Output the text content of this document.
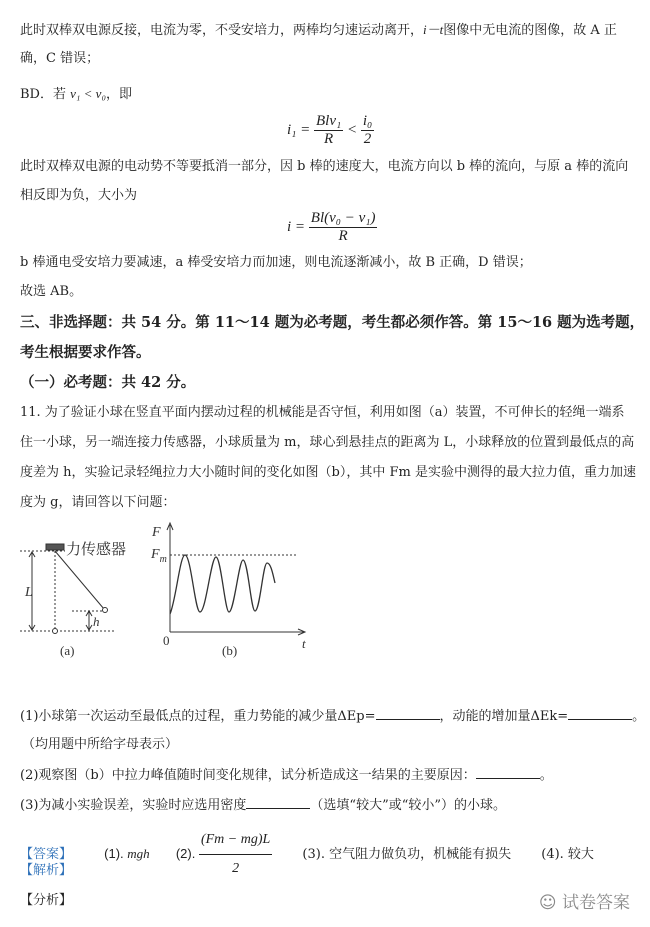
此时双棒双电源反接，电流为零，不受安培力，两棒均匀速运动离开，i－t图像中无电流的图像，故 A 正
确，C 错误；
BD．若 v₁ < v₀，即
$i_1 = \frac{\text{Blv₁}}{R} < \frac{\text{i₀}}{2}$
此时双棒双电源的电动势不等要抵消一部分，因 b 棒的速度大，电流方向以 b 棒的流向，与原 a 棒的流向
相反即为负，大小为
$i = \frac{\text{Bl(v₀ − v₁)}}{R}$
b 棒通电受安培力要减速，a 棒受安培力而加速，则电流逐渐减小，故 B 正确，D 错误；
故选 AB。
三、非选择题：共 54 分。第 11～14 题为必考题，考生都必须作答。第 15～16 题为选考题，
考生根据要求作答。
（一）必考题：共 42 分。
11. 为了验证小球在竖直平面内摆动过程的机械能是否守恒，利用如图（a）装置，不可伸长的轻绳一端系
住一小球，另一端连接力传感器，小球质量为 m，球心到悬挂点的距离为 L，小球释放的位置到最低点的高
度差为 h，实验记录轻绳拉力大小随时间的变化如图（b），其中 Fm 是实验中测得的最大拉力值，重力加速
度为 g，请回答以下问题：
力传感器
L
h
(a)
F
$F_m$
0	t
(b)
(1)小球第一次运动至最低点的过程，重力势能的减少量ΔEp=	，动能的增加量ΔEk=	。
（均用题中所给字母表示）
(2)观察图（b）中拉力峰值随时间变化规律，试分析造成这一结果的主要原因：	。
(3)为减小实验误差，实验时应选用密度	（选填“较大”或“较小”）的小球。
【答案】 (1). mgh (2). $\frac{(Fm - mg)L}{2} (3)$. 空气阻力做负功，机械能有损失 (4). 较大
【解析】
【分析】	☺ 试卷答案
